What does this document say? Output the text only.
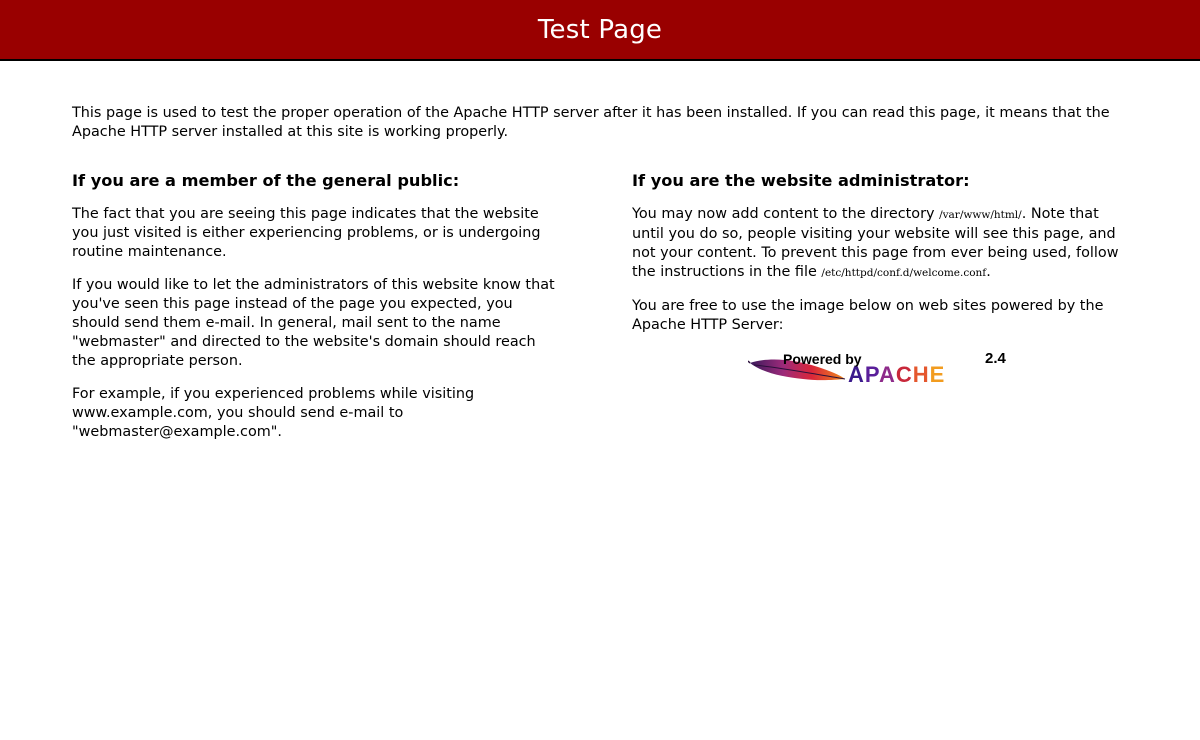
Test Page

This page is used to test the proper operation of the Apache HTTP server after it has been installed. If you can read this page, it means that the Apache HTTP server installed at this site is working properly.

If you are a member of the general public:

The fact that you are seeing this page indicates that the website you just visited is either experiencing problems, or is undergoing routine maintenance.

If you would like to let the administrators of this website know that you've seen this page instead of the page you expected, you should send them e-mail. In general, mail sent to the name "webmaster" and directed to the website's domain should reach the appropriate person.

For example, if you experienced problems while visiting www.example.com, you should send e-mail to "webmaster@example.com".

If you are the website administrator:

You may now add content to the directory /var/www/html/. Note that until you do so, people visiting your website will see this page, and not your content. To prevent this page from ever being used, follow the instructions in the file /etc/httpd/conf.d/welcome.conf.

You are free to use the image below on web sites powered by the Apache HTTP Server:

Powered by	2.4
APACHE
